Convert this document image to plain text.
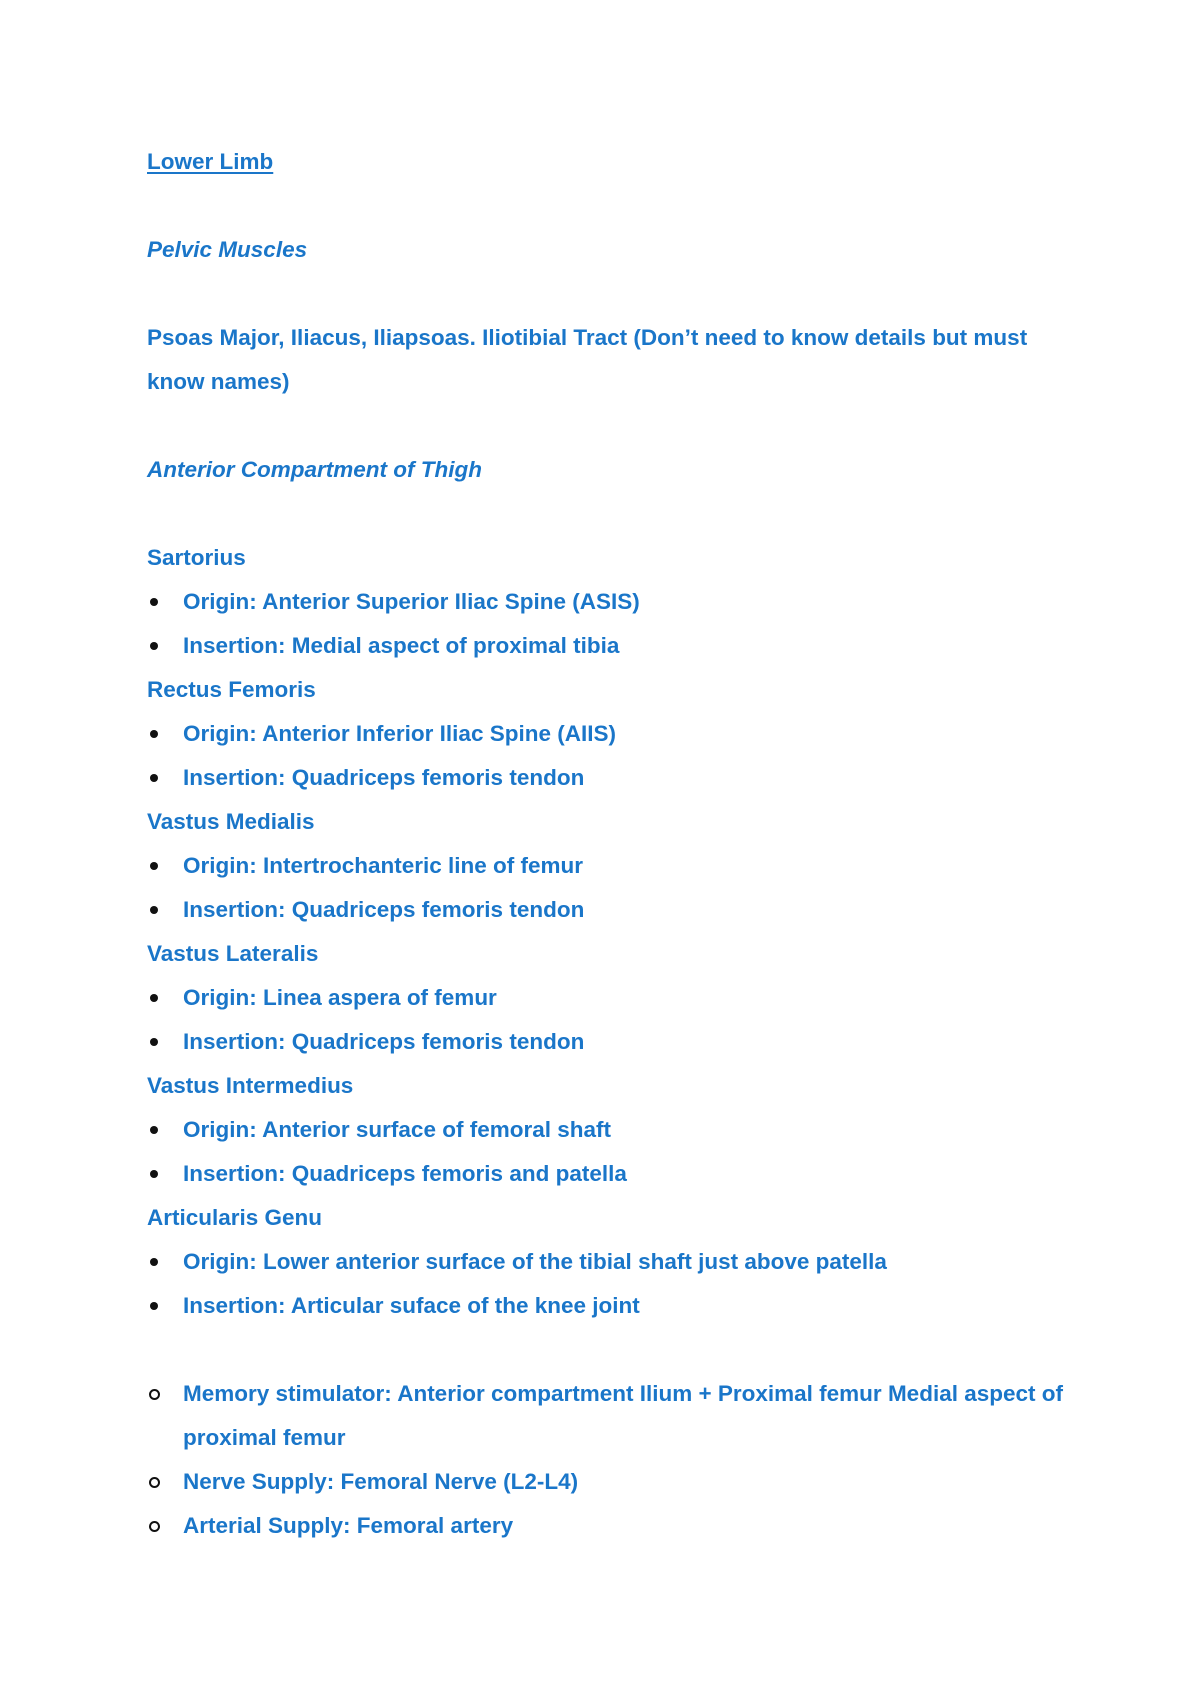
Lower Limb

Pelvic Muscles

Psoas Major, Iliacus, Iliapsoas. Iliotibial Tract (Don’t need to know details but must know names)

Anterior Compartment of Thigh

Sartorius

Origin: Anterior Superior Iliac Spine (ASIS)
Insertion: Medial aspect of proximal tibia

Rectus Femoris

Origin: Anterior Inferior Iliac Spine (AIIS)
Insertion: Quadriceps femoris tendon

Vastus Medialis

Origin: Intertrochanteric line of femur
Insertion: Quadriceps femoris tendon

Vastus Lateralis

Origin: Linea aspera of femur
Insertion: Quadriceps femoris tendon

Vastus Intermedius

Origin: Anterior surface of femoral shaft
Insertion: Quadriceps femoris and patella

Articularis Genu

Origin: Lower anterior surface of the tibial shaft just above patella
Insertion: Articular suface of the knee joint
Memory stimulator: Anterior compartment Ilium + Proximal femur Medial aspect of proximal femur
Nerve Supply: Femoral Nerve (L2-L4)
Arterial Supply: Femoral artery
